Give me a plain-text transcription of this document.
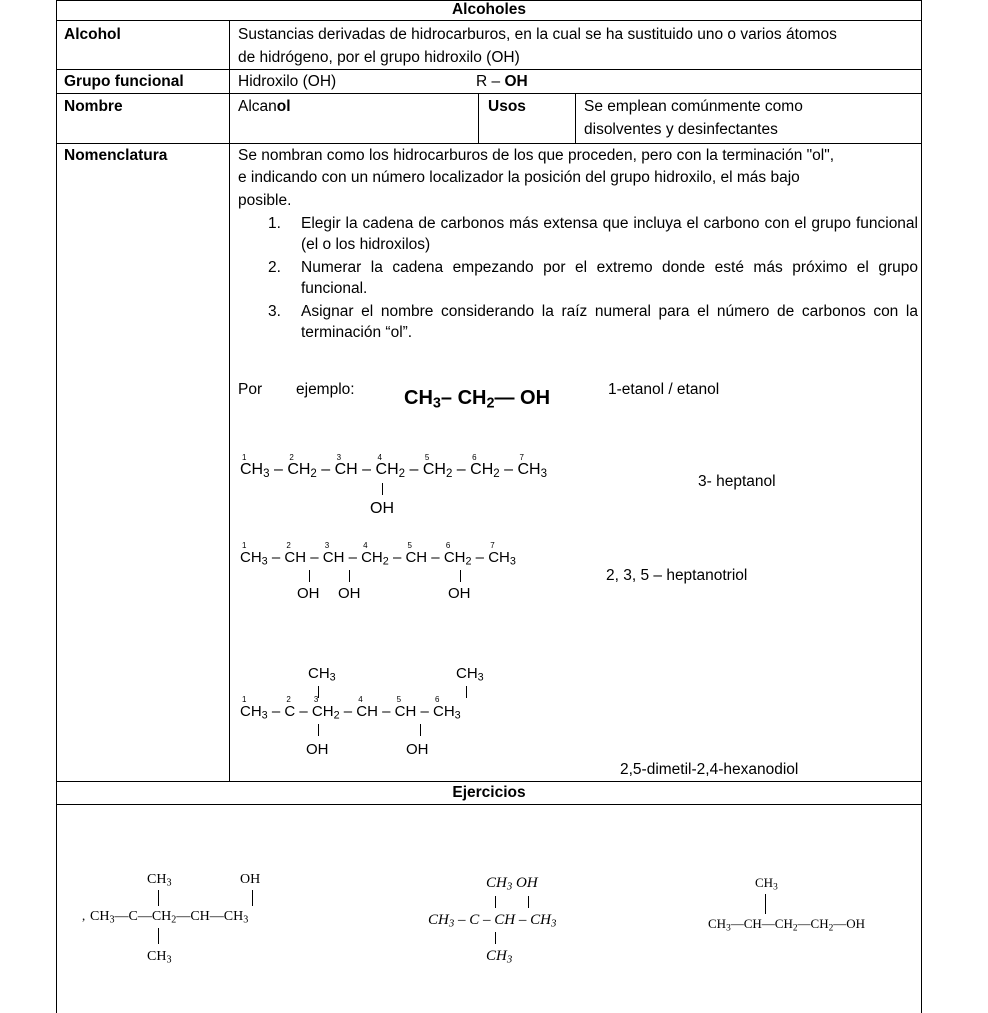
Alcoholes
Alcohol	Sustancias derivadas de hidrocarburos, en la cual se ha sustituido uno o varios átomos
de hidrógeno, por el grupo hidroxilo (OH)
Grupo funcional	Hidroxilo (OH)	R – OH
Nombre	Alcanol	Usos	Se emplean comúnmente como
disolventes y desinfectantes
Nomenclatura	Se nombran como los hidrocarburos de los que proceden, pero con la terminación "ol",
e indicando con un número localizador la posición del grupo hidroxilo, el más bajo
posible.
1. Elegir la cadena de carbonos más extensa que incluya el carbono con el grupo funcional (el o los hidroxilos)
2. Numerar la cadena empezando por el extremo donde esté más próximo el grupo funcional.
3. Asignar el nombre considerando la raíz numeral para el número de carbonos con la terminación “ol”.
Por ejemplo: $CH_3-$ $CH_2—$ OH	1-etanol / etanol
1
$CH_3$ –
2
$CH_2$ –
3
CH –
4
$CH_2$ –
5
$CH_2$ –
6
$CH_2$ –
7
$CH_3$
OH
3- heptanol
1
$CH_3$ –
2
CH –
3
CH –
4
$CH_2$ –
5
CH –
6
$CH_2$ –
7
$CH_3$
OH OH	OH
2, 3, 5 – heptanotriol
$CH_3$	$CH_3$
1
$CH_3$ –
2
C –
3
$CH_2$ –
4
CH –
5
CH –
6
$CH_3$
OH	OH
2,5-dimetil-2,4-hexanodiol
Ejercicios
,
$CH_3$	OH
$CH_3—C—CH_2—CH—CH_3$
$CH_3$
$CH_3$ OH
$CH_3$ – C – CH – $CH_3$
$CH_3$
$CH_3$
$CH_3—CH—CH_2—CH_2—OH$
